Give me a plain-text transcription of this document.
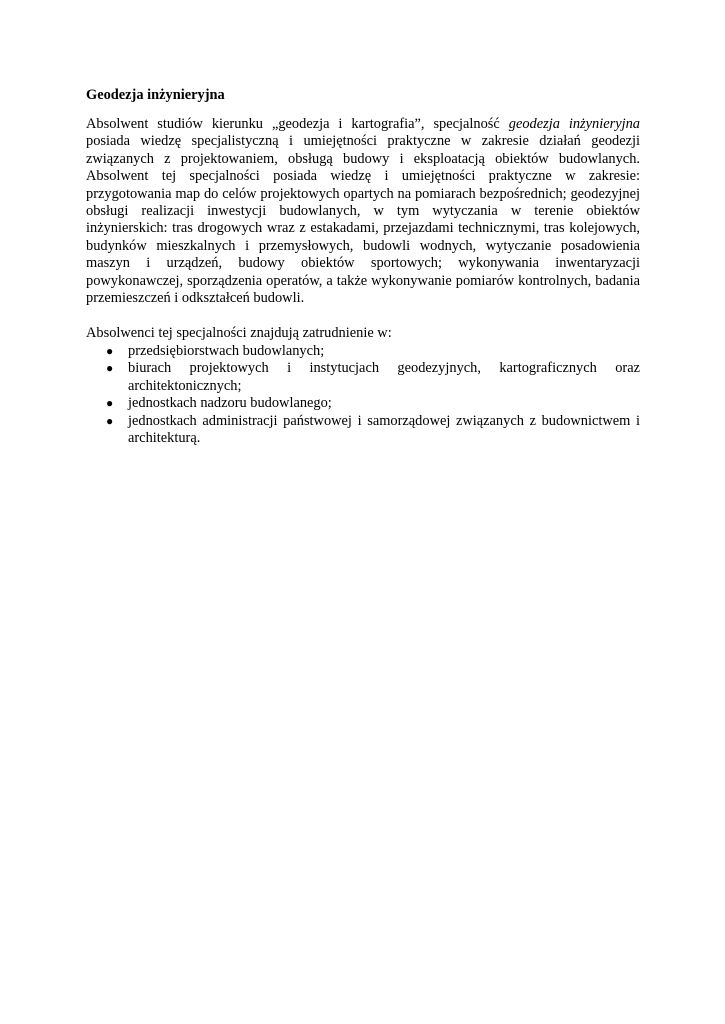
Geodezja inżynieryjna

Absolwent studiów kierunku „geodezja i kartografia”, specjalność geodezja inżynieryjna posiada wiedzę specjalistyczną i umiejętności praktyczne w zakresie działań geodezji związanych z projektowaniem, obsługą budowy i eksploatacją obiektów budowlanych. Absolwent tej specjalności posiada wiedzę i umiejętności praktyczne w zakresie: przygotowania map do celów projektowych opartych na pomiarach bezpośrednich; geodezyjnej obsługi realizacji inwestycji budowlanych, w tym wytyczania w terenie obiektów inżynierskich: tras drogowych wraz z estakadami, przejazdami technicznymi, tras kolejowych, budynków mieszkalnych i przemysłowych, budowli wodnych, wytyczanie posadowienia maszyn i urządzeń, budowy obiektów sportowych; wykonywania inwentaryzacji powykonawczej, sporządzenia operatów, a także wykonywanie pomiarów kontrolnych, badania przemieszczeń i odkształceń budowli.

Absolwenci tej specjalności znajdują zatrudnienie w:

● przedsiębiorstwach budowlanych;
● biurach projektowych i instytucjach geodezyjnych, kartograficznych oraz architektonicznych;
● jednostkach nadzoru budowlanego;
● jednostkach administracji państwowej i samorządowej związanych z budownictwem i architekturą.
